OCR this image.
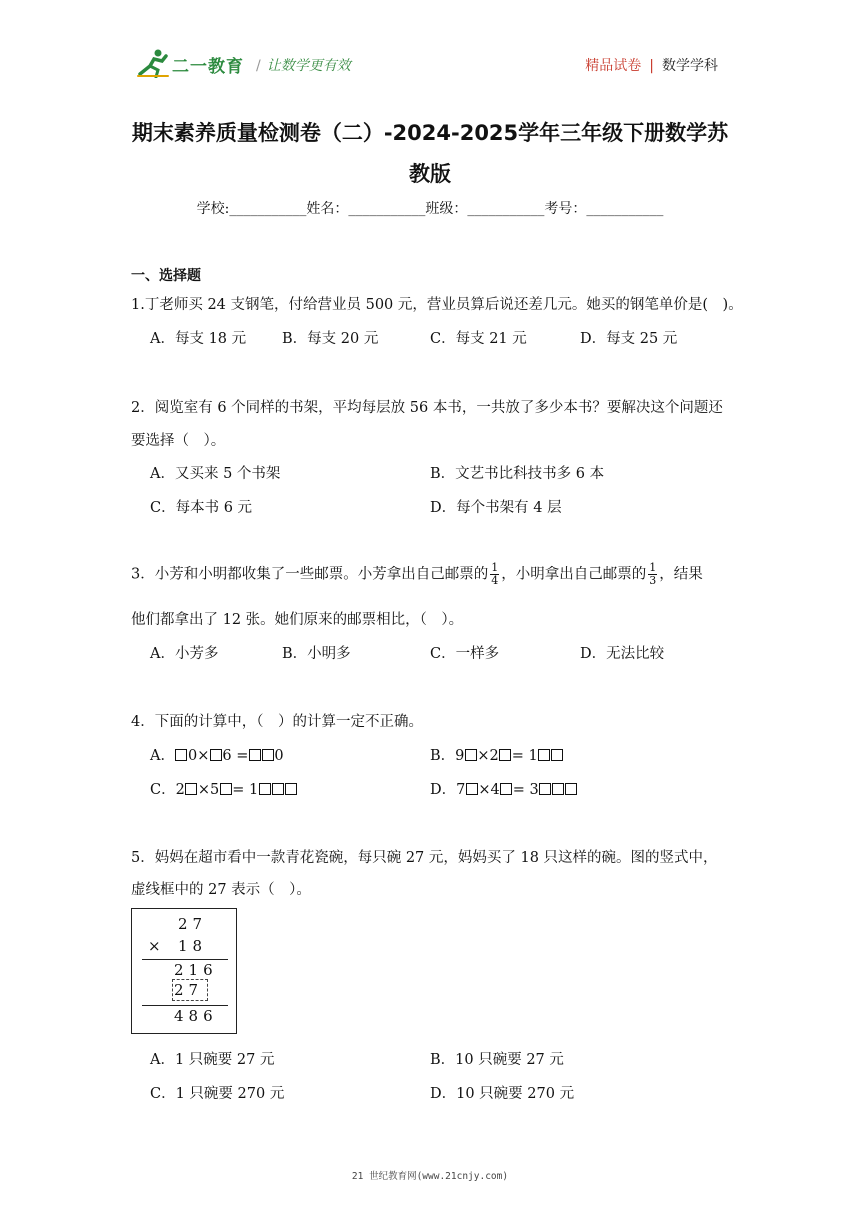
二一教育 / 让数学更有效	精品试卷 | 数学学科
期末素养质量检测卷（二）-2024-2025学年三年级下册数学苏
教版
学校:___________姓名：___________班级：___________考号：___________
一、选择题
1.丁老师买 24 支钢笔，付给营业员 500 元，营业员算后说还差几元。她买的钢笔单价是(　)。
A．每支 18 元 B．每支 20 元	C．每支 21 元	D．每支 25 元
2．阅览室有 6 个同样的书架，平均每层放 56 本书，一共放了多少本书？要解决这个问题还
要选择（　）。
A．又买来 5 个书架	B．文艺书比科技书多 6 本
C．每本书 6 元	D．每个书架有 4 层
3．小芳和小明都收集了一些邮票。小芳拿出自己邮票的 $\frac{1}{4}$ ，小明拿出自己邮票的 $\frac{1}{3}$ ，结果
他们都拿出了 12 张。她们原来的邮票相比，（　）。
A．小芳多	B．小明多	C．一样多	D．无法比较
4．下面的计算中，（　）的计算一定不正确。
A． 0× 6 = 0	B．9 ×2 = 1
C．2 ×5 = 1	D．7 ×4 = 3
5．妈妈在超市看中一款青花瓷碗，每只碗 27 元，妈妈买了 18 只这样的碗。图的竖式中，
虚线框中的 27 表示（　）。
27
× 18
216
27
486
A．1 只碗要 27 元	B．10 只碗要 27 元
C．1 只碗要 270 元	D．10 只碗要 270 元
21 世纪教育网(www.21cnjy.com)
